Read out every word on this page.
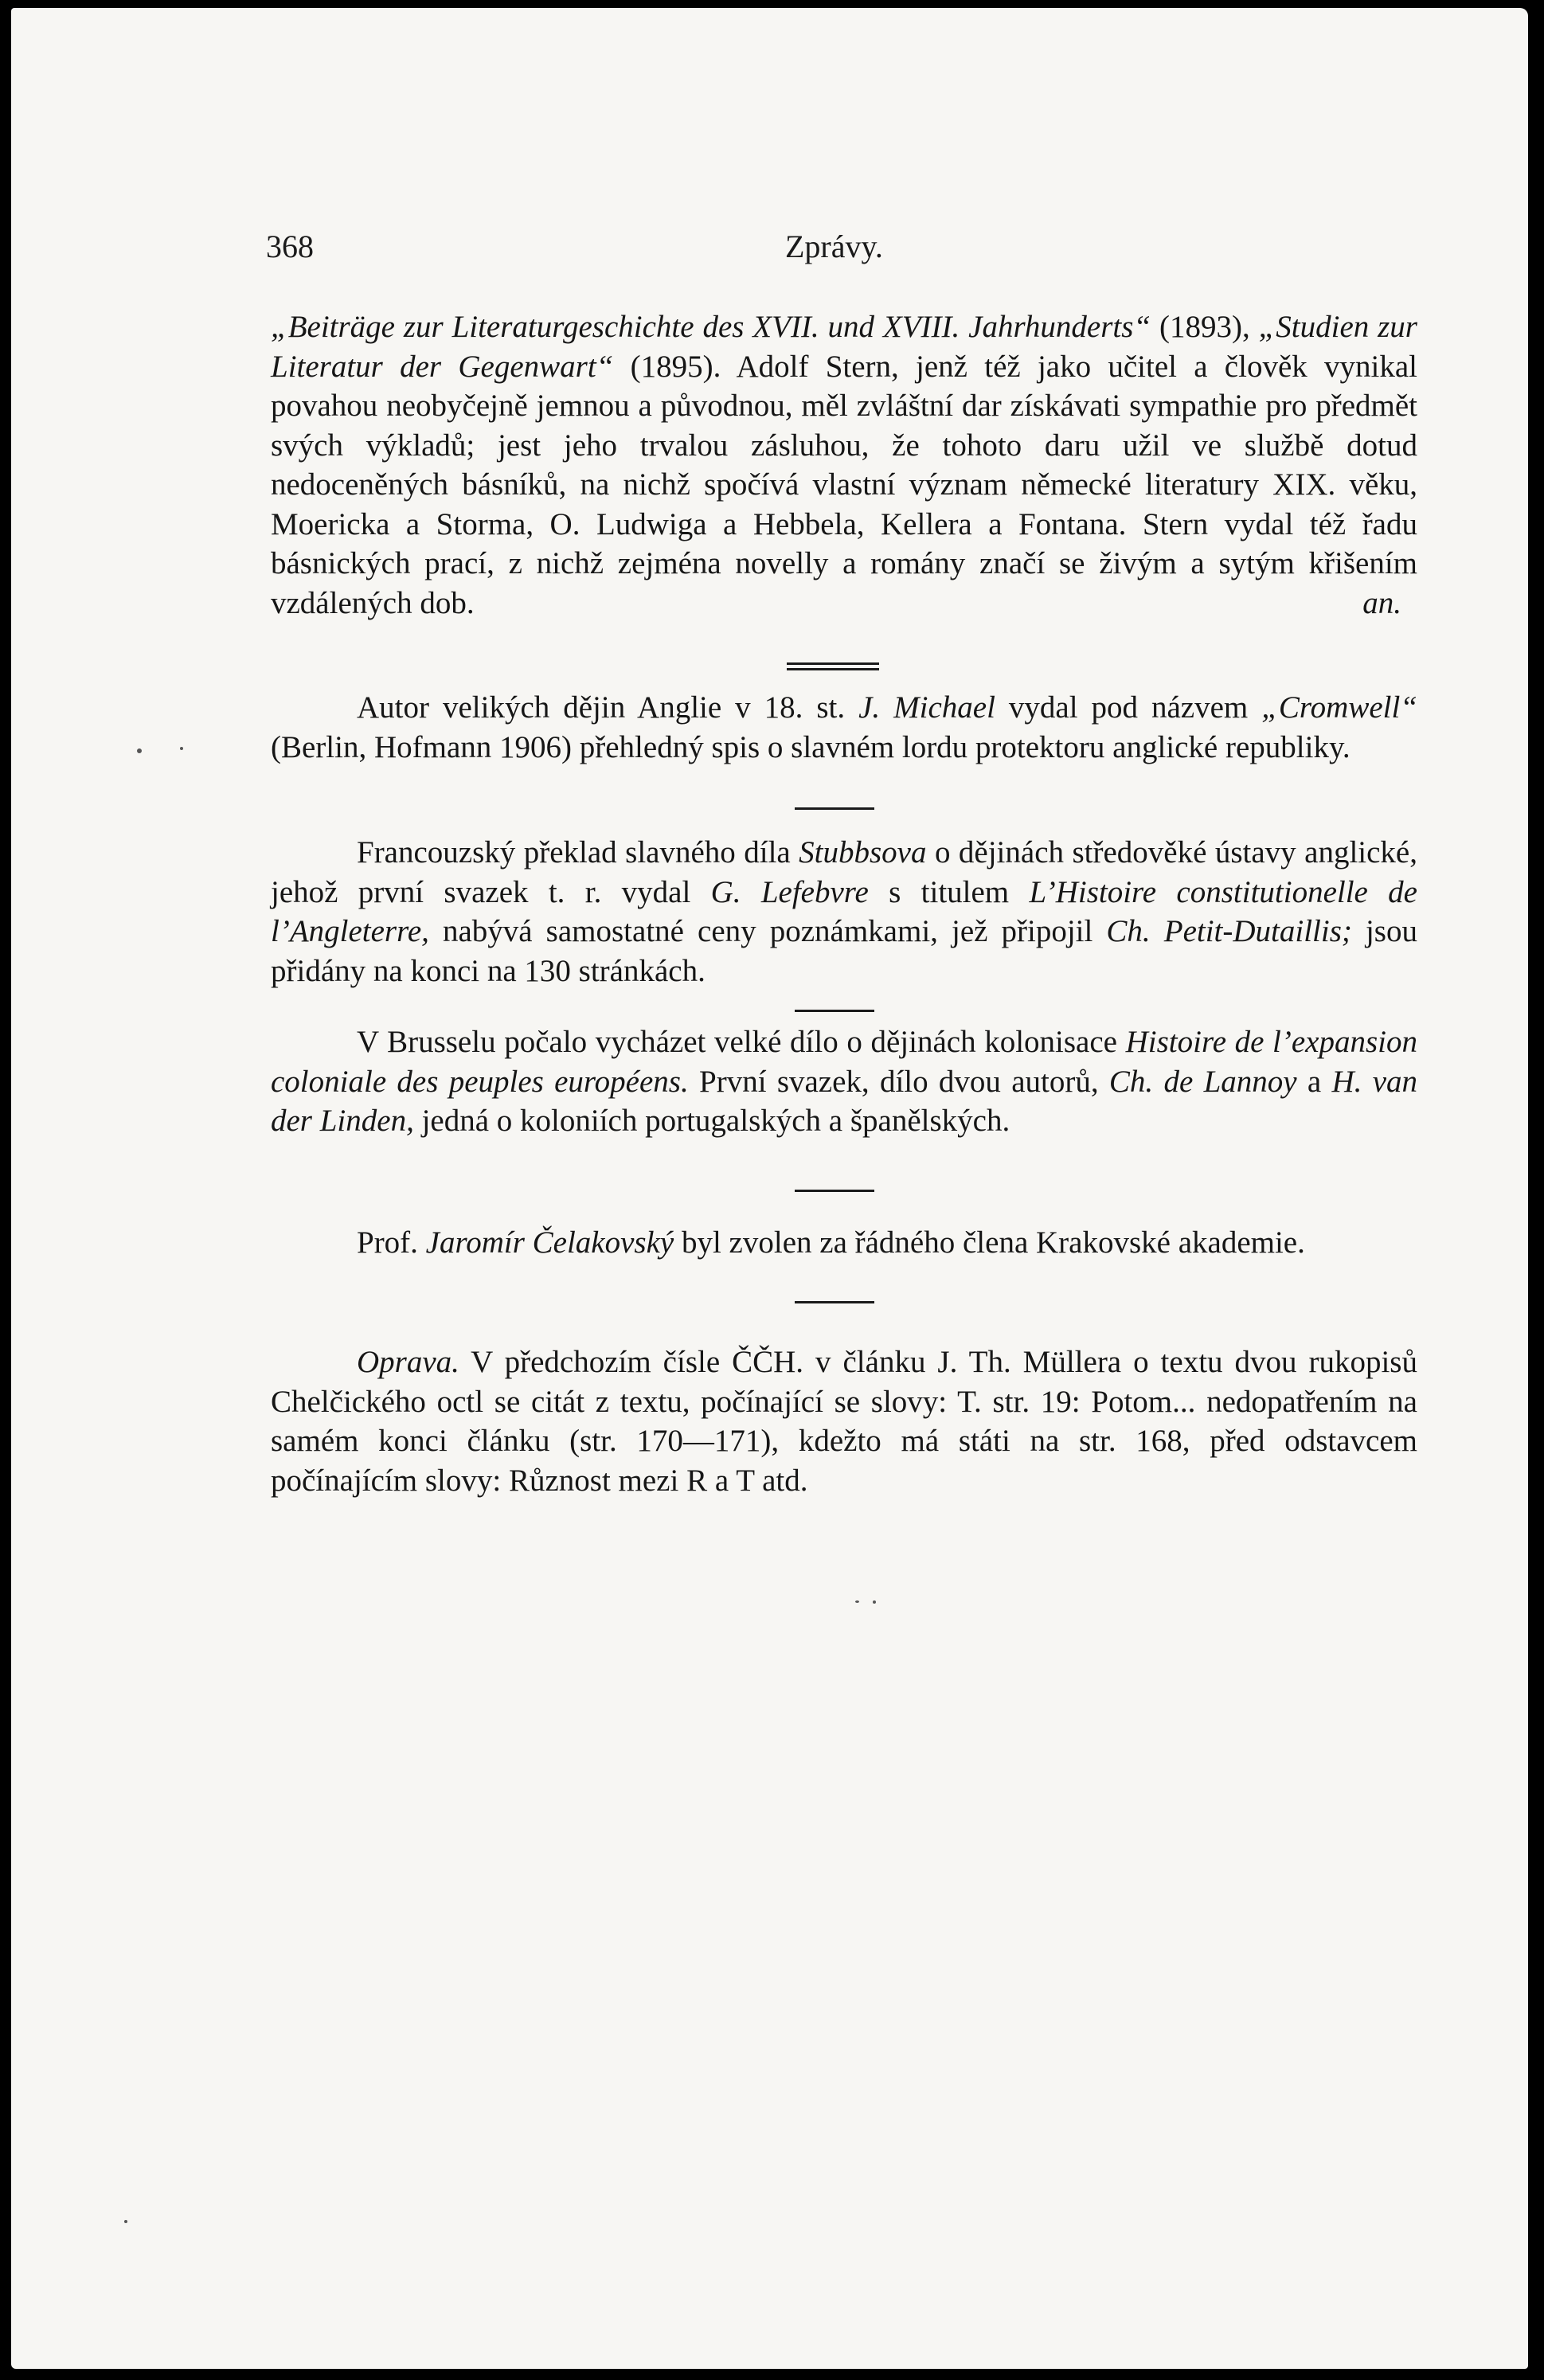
368	Zprávy.
„Beiträge zur Literaturgeschichte des XVII. und XVIII. Jahrhunderts“ (1893), „Studien zur Literatur der Gegenwart“ (1895). Adolf Stern, jenž též jako učitel a člověk vynikal povahou neobyčejně jemnou a původnou, měl zvláštní dar získávati sympathie pro předmět svých výkladů; jest jeho trvalou zásluhou, že tohoto daru užil ve službě dotud nedoceněných básníků, na nichž spočívá vlastní význam německé literatury XIX. věku, Moericka a Storma, O. Ludwiga a Hebbela, Kellera a Fontana. Stern vydal též řadu básnických prací, z nichž zejména novelly a romány značí se živým a sytým křišením vzdálených dob.	an.
Autor velikých dějin Anglie v 18. st. J. Michael vydal pod názvem „Cromwell“ (Berlin, Hofmann 1906) přehledný spis o slavném lordu protektoru anglické republiky.
Francouzský překlad slavného díla Stubbsova o dějinách středověké ústavy anglické, jehož první svazek t. r. vydal G. Lefebvre s titulem L’Histoire constitutionelle de l’Angleterre, nabývá samostatné ceny poznámkami, jež připojil Ch. Petit-Dutaillis; jsou přidány na konci na 130 stránkách.
V Brusselu počalo vycházet velké dílo o dějinách kolonisace Histoire de l’expansion coloniale des peuples européens. První svazek, dílo dvou autorů, Ch. de Lannoy a H. van der Linden, jedná o koloniích portugalských a španělských.
Prof. Jaromír Čelakovský byl zvolen za řádného člena Krakovské akademie.
Oprava. V předchozím čísle ČČH. v článku J. Th. Müllera o textu dvou rukopisů Chelčického octl se citát z textu, počínající se slovy: T. str. 19: Potom... nedopatřením na samém konci článku (str. 170—171), kdežto má státi na str. 168, před odstavcem počínajícím slovy: Různost mezi R a T atd.
